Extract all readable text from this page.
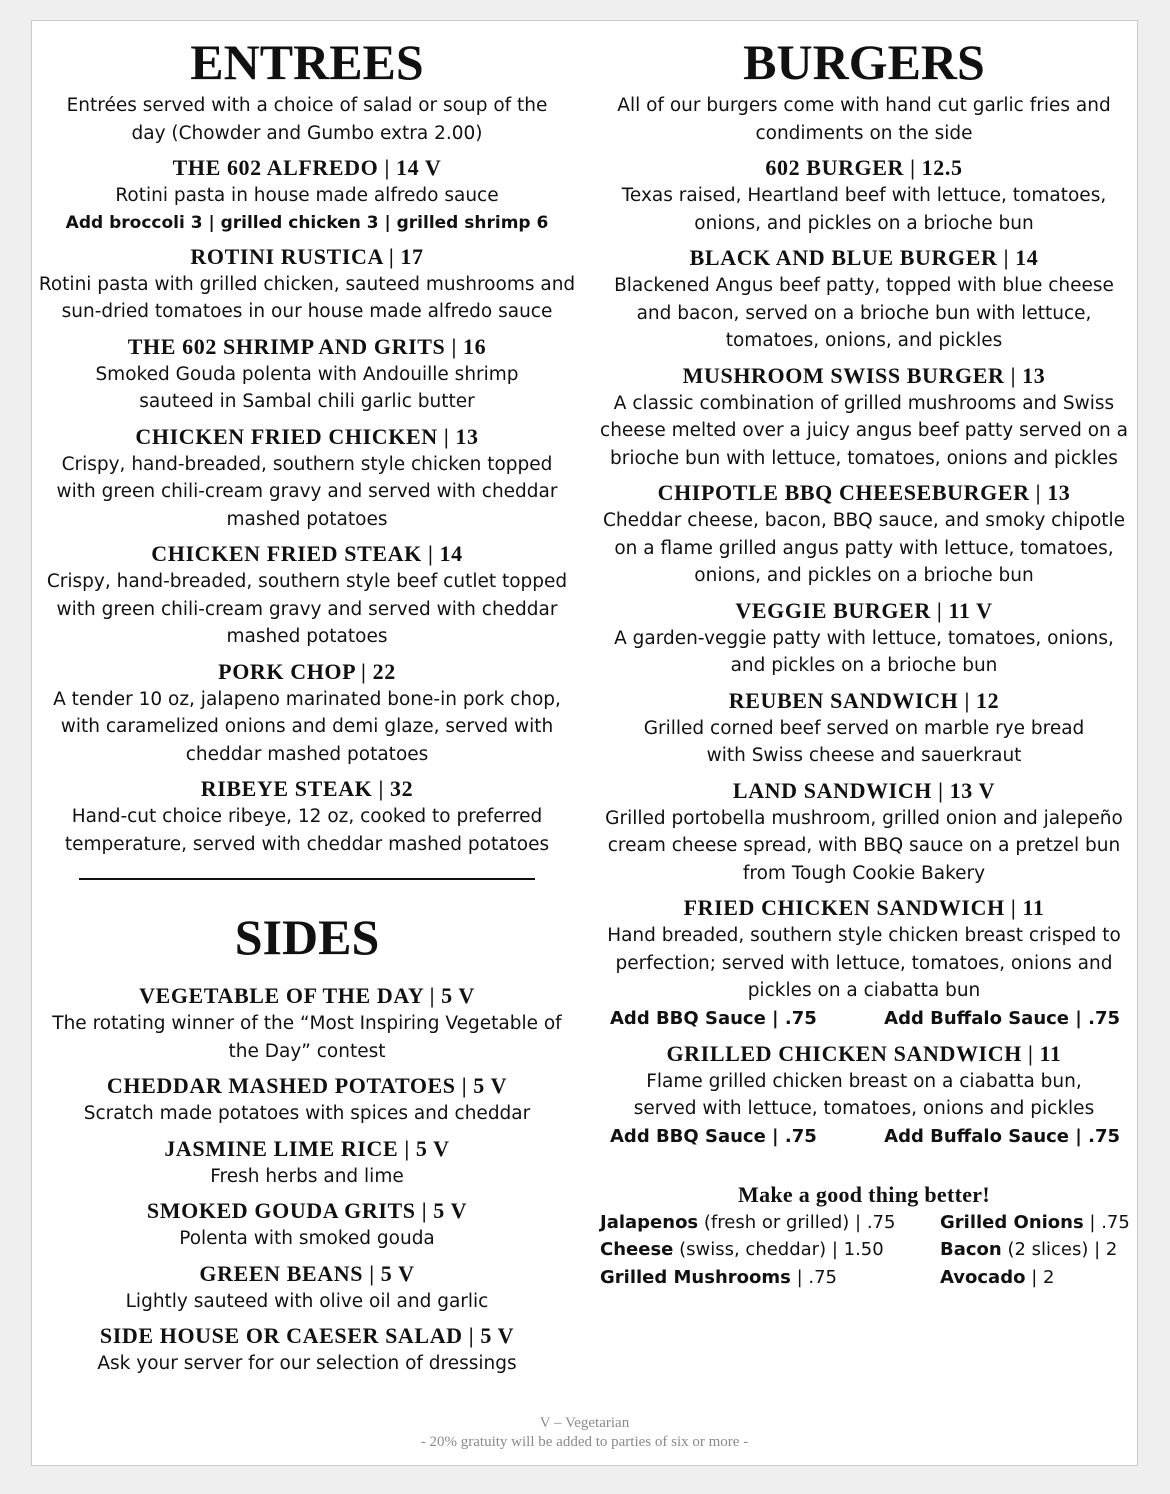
ENTREES

Entrées served with a choice of salad or soup of the day (Chowder and Gumbo extra 2.00)

THE 602 ALFREDO | 14 V
Rotini pasta in house made alfredo sauce
Add broccoli 3 | grilled chicken 3 | grilled shrimp 6
ROTINI RUSTICA | 17
Rotini pasta with grilled chicken, sauteed mushrooms and sun-dried tomatoes in our house made alfredo sauce
THE 602 SHRIMP AND GRITS | 16
Smoked Gouda polenta with Andouille shrimp sauteed in Sambal chili garlic butter
CHICKEN FRIED CHICKEN | 13
Crispy, hand-breaded, southern style chicken topped with green chili-cream gravy and served with cheddar mashed potatoes
CHICKEN FRIED STEAK | 14
Crispy, hand-breaded, southern style beef cutlet topped with green chili-cream gravy and served with cheddar mashed potatoes
PORK CHOP | 22
A tender 10 oz, jalapeno marinated bone-in pork chop, with caramelized onions and demi glaze, served with cheddar mashed potatoes
RIBEYE STEAK | 32
Hand-cut choice ribeye, 12 oz, cooked to preferred temperature, served with cheddar mashed potatoes
SIDES
VEGETABLE OF THE DAY | 5 V
The rotating winner of the “Most Inspiring Vegetable of the Day” contest
CHEDDAR MASHED POTATOES | 5 V
Scratch made potatoes with spices and cheddar
JASMINE LIME RICE | 5 V
Fresh herbs and lime
SMOKED GOUDA GRITS | 5 V
Polenta with smoked gouda
GREEN BEANS | 5 V
Lightly sauteed with olive oil and garlic
SIDE HOUSE OR CAESER SALAD | 5 V
Ask your server for our selection of dressings
BURGERS

All of our burgers come with hand cut garlic fries and condiments on the side

602 BURGER | 12.5
Texas raised, Heartland beef with lettuce, tomatoes, onions, and pickles on a brioche bun
BLACK AND BLUE BURGER | 14
Blackened Angus beef patty, topped with blue cheese and bacon, served on a brioche bun with lettuce, tomatoes, onions, and pickles
MUSHROOM SWISS BURGER | 13
A classic combination of grilled mushrooms and Swiss cheese melted over a juicy angus beef patty served on a brioche bun with lettuce, tomatoes, onions and pickles
CHIPOTLE BBQ CHEESEBURGER | 13
Cheddar cheese, bacon, BBQ sauce, and smoky chipotle on a flame grilled angus patty with lettuce, tomatoes, onions, and pickles on a brioche bun
VEGGIE BURGER | 11 V
A garden-veggie patty with lettuce, tomatoes, onions, and pickles on a brioche bun
REUBEN SANDWICH | 12
Grilled corned beef served on marble rye bread with Swiss cheese and sauerkraut
LAND SANDWICH | 13 V
Grilled portobella mushroom, grilled onion and jalepeño cream cheese spread, with BBQ sauce on a pretzel bun from Tough Cookie Bakery
FRIED CHICKEN SANDWICH | 11
Hand breaded, southern style chicken breast crisped to perfection; served with lettuce, tomatoes, onions and pickles on a ciabatta bun
Add BBQ Sauce | .75	Add Buffalo Sauce | .75
GRILLED CHICKEN SANDWICH | 11
Flame grilled chicken breast on a ciabatta bun, served with lettuce, tomatoes, onions and pickles
Add BBQ Sauce | .75	Add Buffalo Sauce | .75
Make a good thing better!
Jalapenos (fresh or grilled) | .75	Grilled Onions | .75
Cheese (swiss, cheddar) | 1.50	Bacon (2 slices) | 2
Grilled Mushrooms | .75	Avocado | 2
V – Vegetarian
- 20% gratuity will be added to parties of six or more -
